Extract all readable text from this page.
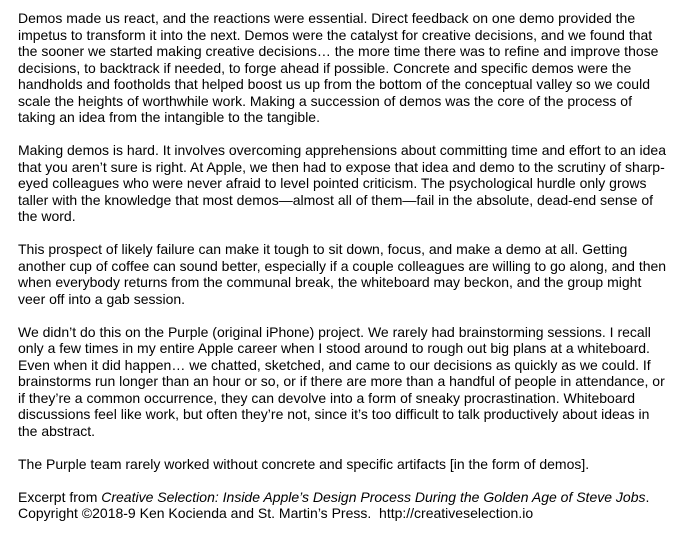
Demos made us react, and the reactions were essential. Direct feedback on one demo provided the impetus to transform it into the next. Demos were the catalyst for creative decisions, and we found that the sooner we started making creative decisions… the more time there was to refine and improve those decisions, to backtrack if needed, to forge ahead if possible. Concrete and specific demos were the handholds and footholds that helped boost us up from the bottom of the conceptual valley so we could scale the heights of worthwhile work. Making a succession of demos was the core of the process of taking an idea from the intangible to the tangible.

Making demos is hard. It involves overcoming apprehensions about committing time and effort to an idea that you aren’t sure is right. At Apple, we then had to expose that idea and demo to the scrutiny of sharp-eyed colleagues who were never afraid to level pointed criticism. The psychological hurdle only grows taller with the knowledge that most demos—almost all of them—fail in the absolute, dead-end sense of the word.

This prospect of likely failure can make it tough to sit down, focus, and make a demo at all. Getting another cup of coffee can sound better, especially if a couple colleagues are willing to go along, and then when everybody returns from the communal break, the whiteboard may beckon, and the group might veer off into a gab session.

We didn’t do this on the Purple (original iPhone) project. We rarely had brainstorming sessions. I recall only a few times in my entire Apple career when I stood around to rough out big plans at a whiteboard. Even when it did happen… we chatted, sketched, and came to our decisions as quickly as we could. If brainstorms run longer than an hour or so, or if there are more than a handful of people in attendance, or if they’re a common occurrence, they can devolve into a form of sneaky procrastination. Whiteboard discussions feel like work, but often they’re not, since it’s too difficult to talk productively about ideas in the abstract.

The Purple team rarely worked without concrete and specific artifacts [in the form of demos].

Excerpt from Creative Selection: Inside Apple’s Design Process During the Golden Age of Steve Jobs.
Copyright ©2018-9 Ken Kocienda and St. Martin’s Press. http://creativeselection.io
